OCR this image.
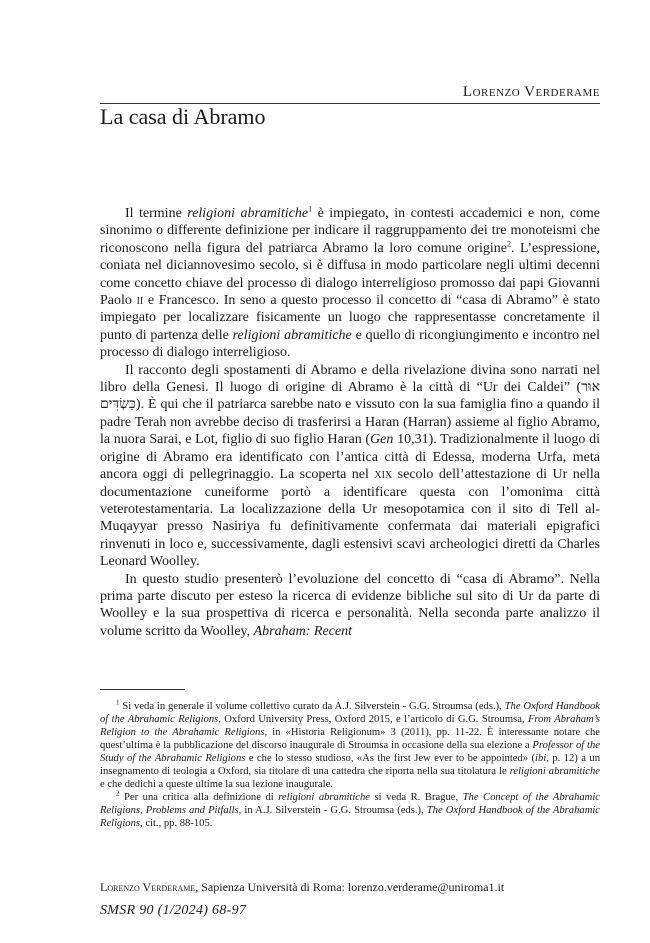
Lorenzo Verderame
La casa di Abramo

Il termine religioni abramitiche$^1$ è impiegato, in contesti accademici e non, come sinonimo o differente definizione per indicare il raggruppamento dei tre monoteismi che riconoscono nella figura del patriarca Abramo la loro comune origine$^2$. L’espressione, coniata nel diciannovesimo secolo, si è diffusa in modo particolare negli ultimi decenni come concetto chiave del processo di dialogo interreligioso promosso dai papi Giovanni Paolo ii e Francesco. In seno a questo processo il concetto di “casa di Abramo” è stato impiegato per localizzare fisicamente un luogo che rappresentasse concretamente il punto di partenza delle religioni abramitiche e quello di ricongiungimento e incontro nel processo di dialogo interreligioso.

Il racconto degli spostamenti di Abramo e della rivelazione divina sono narrati nel libro della Genesi. Il luogo di origine di Abramo è la città di “Ur dei Caldei” (אוּר כַּשְׂדִּים). È qui che il patriarca sarebbe nato e vissuto con la sua famiglia fino a quando il padre Terah non avrebbe deciso di trasferirsi a Haran (Harran) assieme al figlio Abramo, la nuora Sarai, e Lot, figlio di suo figlio Haran (Gen 10,31). Tradizionalmente il luogo di origine di Abramo era identificato con l’antica città di Edessa, moderna Urfa, meta ancora oggi di pellegrinaggio. La scoperta nel xix secolo dell’attestazione di Ur nella documentazione cuneiforme portò a identificare questa con l’omonima città veterotestamentaria. La localizzazione della Ur mesopotamica con il sito di Tell al-Muqayyar presso Nasiriya fu definitivamente confermata dai materiali epigrafici rinvenuti in loco e, successivamente, dagli estensivi scavi archeologici diretti da Charles Leonard Woolley.

In questo studio presenterò l’evoluzione del concetto di “casa di Abramo”. Nella prima parte discuto per esteso la ricerca di evidenze bibliche sul sito di Ur da parte di Woolley e la sua prospettiva di ricerca e personalità. Nella seconda parte analizzo il volume scritto da Woolley, Abraham: Recent

$^1$ Si veda in generale il volume collettivo curato da A.J. Silverstein - G.G. Stroumsa (eds.), The Oxford Handbook of the Abrahamic Religions, Oxford University Press, Oxford 2015, e l’articolo di G.G. Stroumsa, From Abraham’s Religion to the Abrahamic Religions, in «Historia Religionum» 3 (2011), pp. 11-22. È interessante notare che quest’ultima è la pubblicazione del discorso inaugurale di Stroumsa in occasione della sua elezione a Professor of the Study of the Abrahamic Religions e che lo stesso studioso, «As the first Jew ever to be appointed» (ibi, p. 12) a un insegnamento di teologia a Oxford, sia titolare di una cattedra che riporta nella sua titolatura le religioni abramitiche e che dedichi a queste ultime la sua lezione inaugurale.

$^2$ Per una critica alla definizione di religioni abramitiche si veda R. Brague, The Concept of the Abrahamic Religions, Problems and Pitfalls, in A.J. Silverstein - G.G. Stroumsa (eds.), The Oxford Handbook of the Abrahamic Religions, cit., pp. 88-105.

Lorenzo Verderame, Sapienza Università di Roma: lorenzo.verderame@uniroma1.it
SMSR 90 (1/2024) 68-97
